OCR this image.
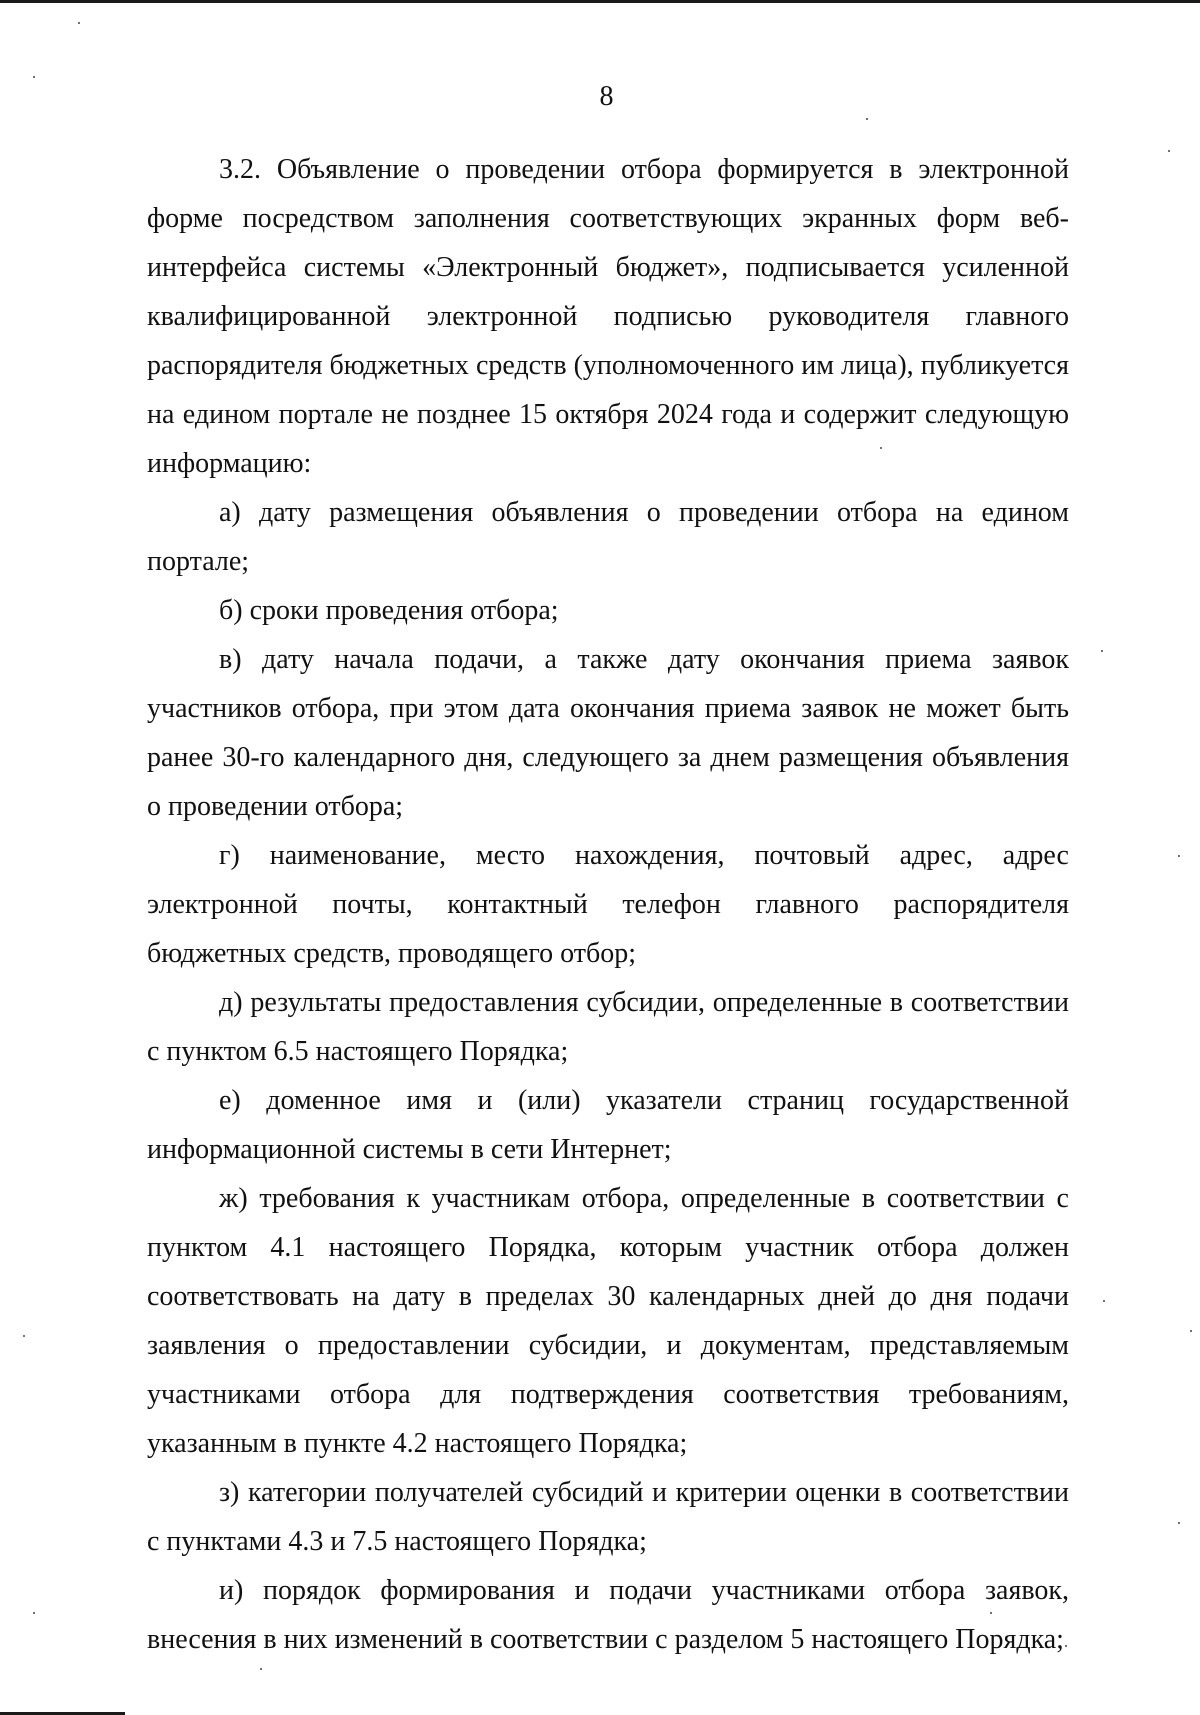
8

3.2. Объявление о проведении отбора формируется в электронной форме посредством заполнения соответствующих экранных форм веб-интерфейса системы «Электронный бюджет», подписывается усиленной квалифицированной электронной подписью руководителя главного распорядителя бюджетных средств (уполномоченного им лица), публикуется на едином портале не позднее 15 октября 2024 года и содержит следующую информацию:

а) дату размещения объявления о проведении отбора на едином портале;

б) сроки проведения отбора;

в) дату начала подачи, а также дату окончания приема заявок участников отбора, при этом дата окончания приема заявок не может быть ранее 30-го календарного дня, следующего за днем размещения объявления о проведении отбора;

г) наименование, место нахождения, почтовый адрес, адрес электронной почты, контактный телефон главного распорядителя бюджетных средств, проводящего отбор;

д) результаты предоставления субсидии, определенные в соответствии с пунктом 6.5 настоящего Порядка;

е) доменное имя и (или) указатели страниц государственной информационной системы в сети Интернет;

ж) требования к участникам отбора, определенные в соответствии с пунктом 4.1 настоящего Порядка, которым участник отбора должен соответствовать на дату в пределах 30 календарных дней до дня подачи заявления о предоставлении субсидии, и документам, представляемым участниками отбора для подтверждения соответствия требованиям, указанным в пункте 4.2 настоящего Порядка;

з) категории получателей субсидий и критерии оценки в соответствии с пунктами 4.3 и 7.5 настоящего Порядка;

и) порядок формирования и подачи участниками отбора заявок, внесения в них изменений в соответствии с разделом 5 настоящего Порядка;
